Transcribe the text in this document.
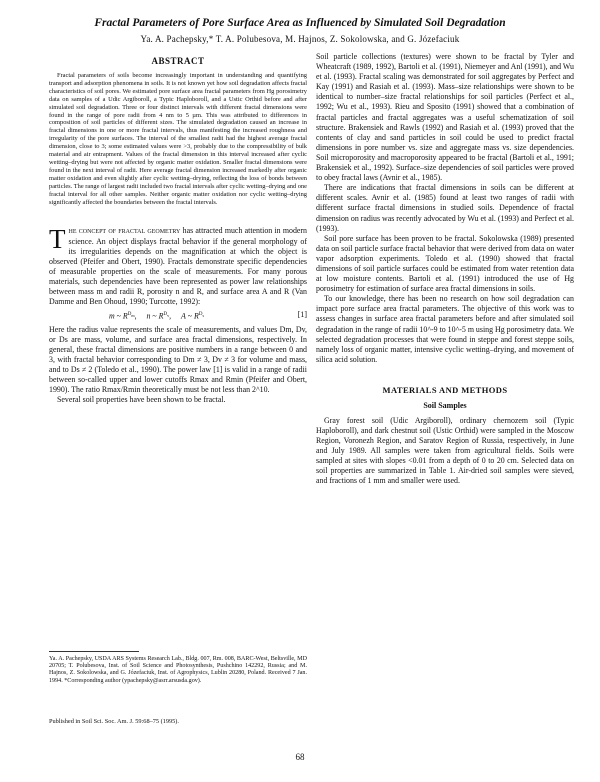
Fractal Parameters of Pore Surface Area as Influenced by Simulated Soil Degradation
Ya. A. Pachepsky,* T. A. Polubesova, M. Hajnos, Z. Sokolowska, and G. Józefaciuk
ABSTRACT

Fractal parameters of soils become increasingly important in understanding and quantifying transport and adsorption phenomena in soils. It is not known yet how soil degradation affects fractal characteristics of soil pores. We estimated pore surface area fractal parameters from Hg porosimetry data on samples of a Udic Argiboroll, a Typic Haploboroll, and a Ustic Orthid before and after simulated soil degradation. Three or four distinct intervals with different fractal dimensions were found in the range of pore radii from 4 nm to 5 µm. This was attributed to differences in composition of soil particles of different sizes. The simulated degradation caused an increase in fractal dimensions in one or more fractal intervals, thus manifesting the increased roughness and irregularity of the pore surfaces. The interval of the smallest radii had the highest average fractal dimension, close to 3; some estimated values were >3, probably due to the compressibility of bulk material and air entrapment. Values of the fractal dimension in this interval increased after cyclic wetting–drying but were not affected by organic matter oxidation. Smaller fractal dimensions were found in the next interval of radii. Here average fractal dimension increased markedly after organic matter oxidation and even slightly after cyclic wetting–drying, reflecting the loss of bonds between particles. The range of largest radii included two fractal intervals after cyclic wetting–drying and one fractal interval for all other samples. Neither organic matter oxidation nor cyclic wetting–drying significantly affected the boundaries between the fractal intervals.

T he concept of fractal geometry has attracted much attention in modern science. An object displays fractal behavior if the general morphology of its irregularities depends on the magnification at which the object is observed (Pfeifer and Obert, 1990). Fractals demonstrate specific dependencies of measurable properties on the scale of measurements. For many porous materials, such dependencies have been represented as power law relationships between mass m and radii R, porosity n and R, and surface area A and R (Van Damme and Ben Ohoud, 1990; Turcotte, 1992):

m ~ $R^{D_m}$,     n ~ $R^{D_v}$,     A ~ $R^{D_s}$	[1]

Here the radius value represents the scale of measurements, and values Dm, Dv, or Ds are mass, volume, and surface area fractal dimensions, respectively. In general, these fractal dimensions are positive numbers in a range between 0 and 3, with fractal behavior corresponding to Dm ≠ 3, Dv ≠ 3 for volume and mass, and to Ds ≠ 2 (Toledo et al., 1990). The power law [1] is valid in a range of radii between so-called upper and lower cutoffs Rmax and Rmin (Pfeifer and Obert, 1990). The ratio Rmax/Rmin theoretically must be not less than 2^10.

Several soil properties have been shown to be fractal.

Ya. A. Pachepsky, USDA ARS Systems Research Lab., Bldg. 007, Rm. 008, BARC-West, Beltsville, MD 20705; T. Polubesova, Inst. of Soil Science and Photosynthesis, Pushchino 142292, Russia; and M. Hajnos, Z. Sokolowska, and G. Józefaciuk, Inst. of Agrophysics, Lublin 20280, Poland. Received 7 Jan. 1994. *Corresponding author (ypachepsky@asrr.arsusda.gov).

Published in Soil Sci. Soc. Am. J. 59:68–75 (1995).

Soil particle collections (textures) were shown to be fractal by Tyler and Wheatcraft (1989, 1992), Bartoli et al. (1991), Niemeyer and Anl (1991), and Wu et al. (1993). Fractal scaling was demonstrated for soil aggregates by Perfect and Kay (1991) and Rasiah et al. (1993). Mass–size relationships were shown to be identical to number–size fractal relationships for soil particles (Perfect et al., 1992; Wu et al., 1993). Rieu and Sposito (1991) showed that a combination of fractal particles and fractal aggregates was a useful schematization of soil structure. Brakensiek and Rawls (1992) and Rasiah et al. (1993) proved that the contents of clay and sand particles in soil could be used to predict fractal dimensions in pore number vs. size and aggregate mass vs. size dependencies. Soil microporosity and macroporosity appeared to be fractal (Bartoli et al., 1991; Brakensiek et al., 1992). Surface–size dependencies of soil particles were proved to obey fractal laws (Avnir et al., 1985).

There are indications that fractal dimensions in soils can be different at different scales. Avnir et al. (1985) found at least two ranges of radii with different surface fractal dimensions in studied soils. Dependence of fractal dimension on radius was recently advocated by Wu et al. (1993) and Perfect et al. (1993).

Soil pore surface has been proven to be fractal. Sokolowska (1989) presented data on soil particle surface fractal behavior that were derived from data on water vapor adsorption experiments. Toledo et al. (1990) showed that fractal dimensions of soil particle surfaces could be estimated from water retention data at low moisture contents. Bartoli et al. (1991) introduced the use of Hg porosimetry for estimation of surface area fractal dimensions in soils.

To our knowledge, there has been no research on how soil degradation can impact pore surface area fractal parameters. The objective of this work was to assess changes in surface area fractal parameters before and after simulated soil degradation in the range of radii 10^-9 to 10^-5 m using Hg porosimetry data. We selected degradation processes that were found in steppe and forest steppe soils, namely loss of organic matter, intensive cyclic wetting–drying, and movement of silica acid solution.

MATERIALS AND METHODS
Soil Samples

Gray forest soil (Udic Argiboroll), ordinary chernozem soil (Typic Haploboroll), and dark chestnut soil (Ustic Orthid) were sampled in the Moscow Region, Voronezh Region, and Saratov Region of Russia, respectively, in June and July 1989. All samples were taken from agricultural fields. Soils were sampled at sites with slopes <0.01 from a depth of 0 to 20 cm. Selected data on soil properties are summarized in Table 1. Air-dried soil samples were sieved, and fractions of 1 mm and smaller were used.

68
